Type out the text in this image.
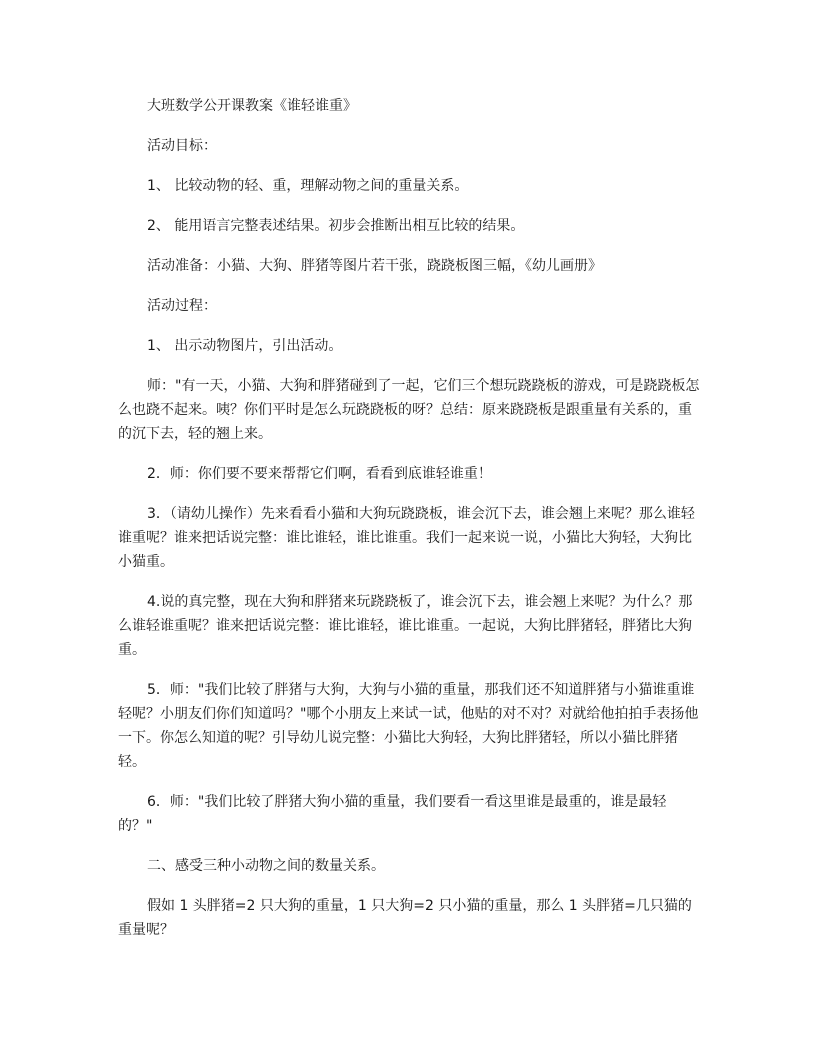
大班数学公开课教案《谁轻谁重》

活动目标：

1、 比较动物的轻、重，理解动物之间的重量关系。

2、 能用语言完整表述结果。初步会推断出相互比较的结果。

活动准备：小猫、大狗、胖猪等图片若干张，跷跷板图三幅，《幼儿画册》

活动过程：

1、 出示动物图片，引出活动。

师："有一天，小猫、大狗和胖猪碰到了一起，它们三个想玩跷跷板的游戏，可是跷跷板怎么也跷不起来。咦？你们平时是怎么玩跷跷板的呀？总结：原来跷跷板是跟重量有关系的，重的沉下去，轻的翘上来。

2．师：你们要不要来帮帮它们啊，看看到底谁轻谁重！

3．（请幼儿操作）先来看看小猫和大狗玩跷跷板，谁会沉下去，谁会翘上来呢？那么谁轻谁重呢？谁来把话说完整：谁比谁轻，谁比谁重。我们一起来说一说，小猫比大狗轻，大狗比小猫重。

4.说的真完整，现在大狗和胖猪来玩跷跷板了，谁会沉下去，谁会翘上来呢？为什么？那么谁轻谁重呢？谁来把话说完整：谁比谁轻，谁比谁重。一起说，大狗比胖猪轻，胖猪比大狗重。

5．师："我们比较了胖猪与大狗，大狗与小猫的重量，那我们还不知道胖猪与小猫谁重谁轻呢？小朋友们你们知道吗？"哪个小朋友上来试一试，他贴的对不对？对就给他拍拍手表扬他一下。你怎么知道的呢？引导幼儿说完整：小猫比大狗轻，大狗比胖猪轻，所以小猫比胖猪轻。

6．师："我们比较了胖猪大狗小猫的重量，我们要看一看这里谁是最重的，谁是最轻的？"

二、感受三种小动物之间的数量关系。

假如 1 头胖猪=2 只大狗的重量，1 只大狗=2 只小猫的重量，那么 1 头胖猪=几只猫的重量呢？
